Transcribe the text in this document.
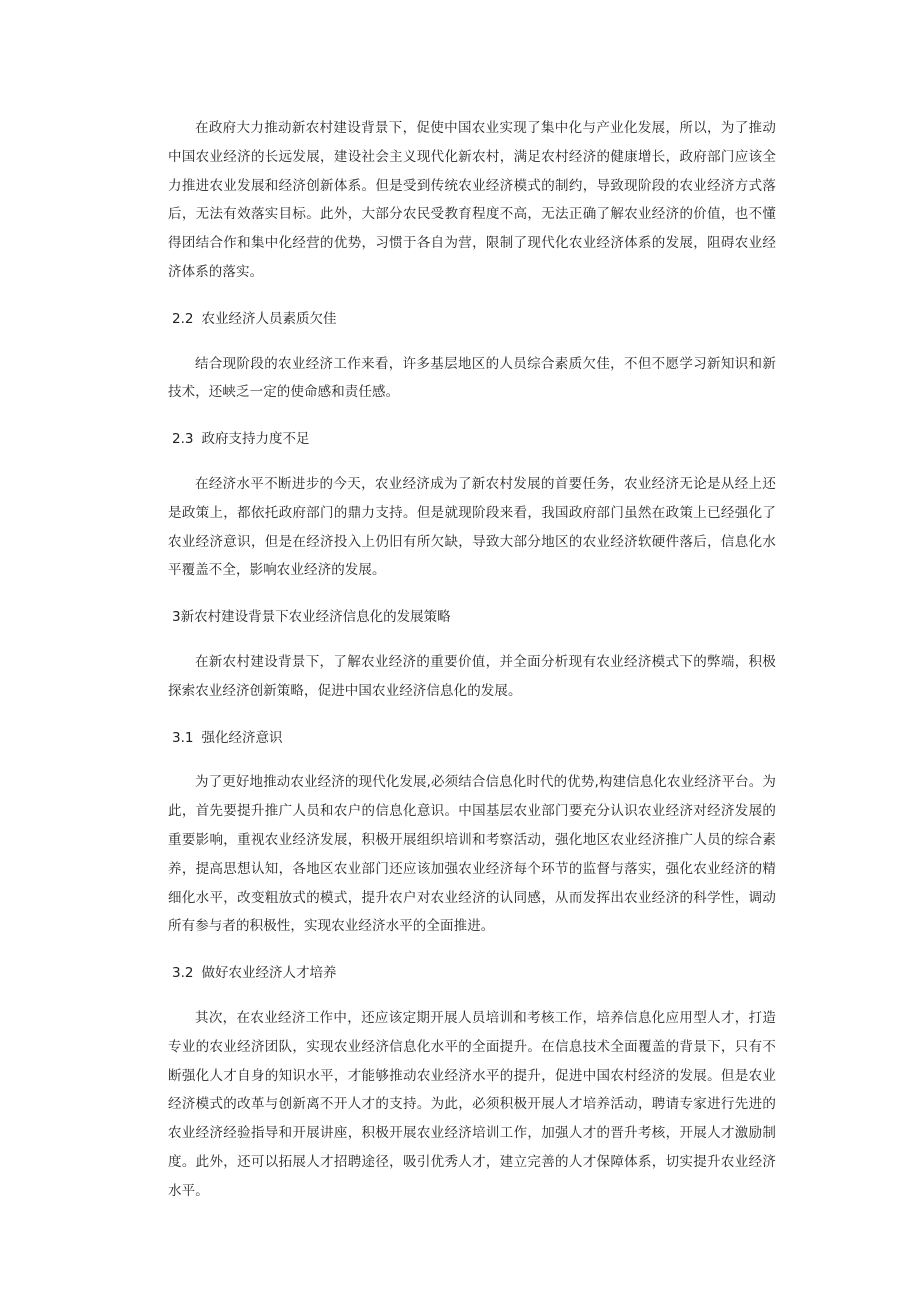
在政府大力推动新农村建设背景下，促使中国农业实现了集中化与产业化发展，所以，为了推动中国农业经济的长远发展，建设社会主义现代化新农村，满足农村经济的健康增长，政府部门应该全力推进农业发展和经济创新体系。但是受到传统农业经济模式的制约，导致现阶段的农业经济方式落后，无法有效落实目标。此外，大部分农民受教育程度不高，无法正确了解农业经济的价值，也不懂得团结合作和集中化经营的优势，习惯于各自为营，限制了现代化农业经济体系的发展，阻碍农业经济体系的落实。

2.2 农业经济人员素质欠佳

结合现阶段的农业经济工作来看，许多基层地区的人员综合素质欠佳，不但不愿学习新知识和新技术，还峡乏一定的使命感和责任感。

2.3 政府支持力度不足

在经济水平不断进步的今天，农业经济成为了新农村发展的首要任务，农业经济无论是从经上还是政策上，都依托政府部门的鼎力支持。但是就现阶段来看，我国政府部门虽然在政策上已经强化了农业经济意识，但是在经济投入上仍旧有所欠缺，导致大部分地区的农业经济软硬件落后，信息化水平覆盖不全，影响农业经济的发展。

3新农村建设背景下农业经济信息化的发展策略

在新农村建设背景下，了解农业经济的重要价值，并全面分析现有农业经济模式下的弊端，积极探索农业经济创新策略，促进中国农业经济信息化的发展。

3.1 强化经济意识

为了更好地推动农业经济的现代化发展,必须结合信息化时代的优势,构建信息化农业经济平台。为此，首先要提升推广人员和农户的信息化意识。中国基层农业部门要充分认识农业经济对经济发展的重要影响，重视农业经济发展，积极开展组织培训和考察活动，强化地区农业经济推广人员的综合素养，提高思想认知，各地区农业部门还应该加强农业经济每个环节的监督与落实，强化农业经济的精细化水平，改变粗放式的模式，提升农户对农业经济的认同感，从而发挥出农业经济的科学性，调动所有参与者的积极性，实现农业经济水平的全面推进。

3.2 做好农业经济人才培养

其次，在农业经济工作中，还应该定期开展人员培训和考核工作，培养信息化应用型人才，打造专业的农业经济团队，实现农业经济信息化水平的全面提升。在信息技术全面覆盖的背景下，只有不断强化人才自身的知识水平，才能够推动农业经济水平的提升，促进中国农村经济的发展。但是农业经济模式的改革与创新离不开人才的支持。为此，必须积极开展人才培养活动，聘请专家进行先进的农业经济经验指导和开展讲座，积极开展农业经济培训工作，加强人才的晋升考核，开展人才激励制度。此外，还可以拓展人才招聘途径，吸引优秀人才，建立完善的人才保障体系，切实提升农业经济水平。
